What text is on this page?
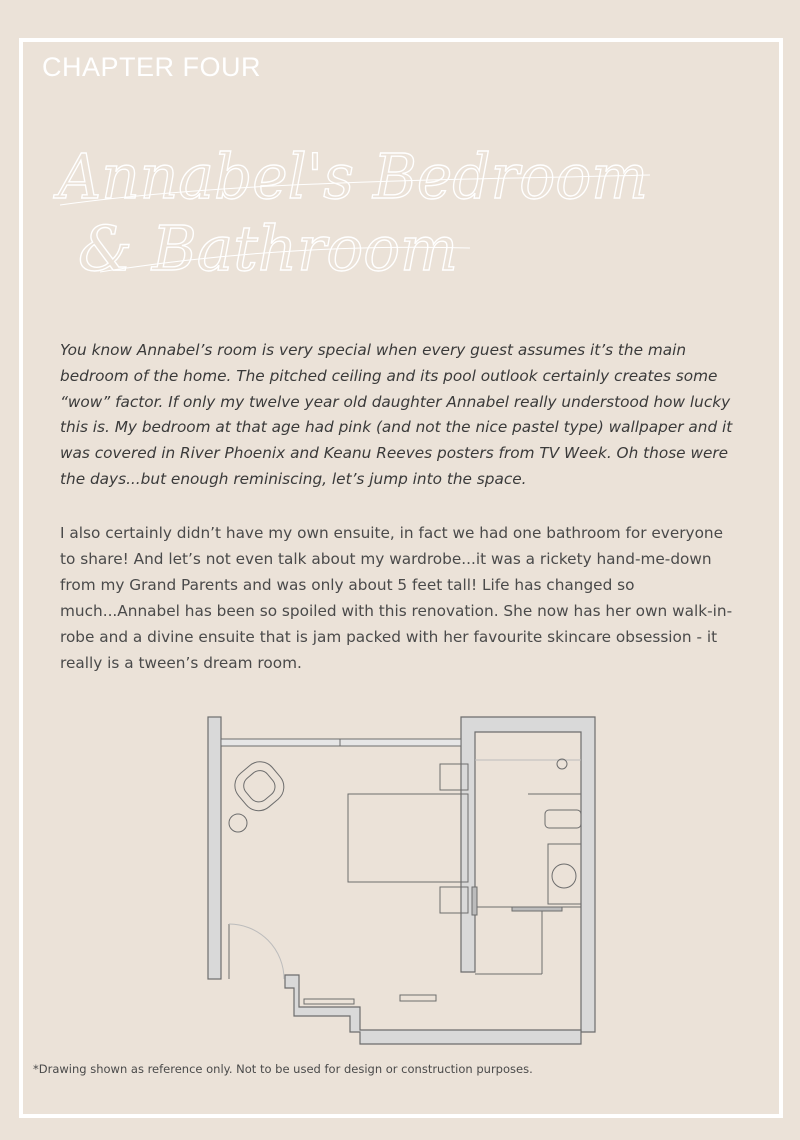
CHAPTER FOUR
Annabel's Bedroom
& Bathroom

You know Annabel’s room is very special when every guest assumes it’s the main bedroom of the home. The pitched ceiling and its pool outlook certainly creates some “wow” factor. If only my twelve year old daughter Annabel really understood how lucky this is. My bedroom at that age had pink (and not the nice pastel type) wallpaper and it was covered in River Phoenix and Keanu Reeves posters from TV Week. Oh those were the days...but enough reminiscing, let’s jump into the space.

I also certainly didn’t have my own ensuite, in fact we had one bathroom for everyone to share! And let’s not even talk about my wardrobe...it was a rickety hand-me-down from my Grand Parents and was only about 5 feet tall! Life has changed so much...Annabel has been so spoiled with this renovation. She now has her own walk-in-robe and a divine ensuite that is jam packed with her favourite skincare obsession - it really is a tween’s dream room.

*Drawing shown as reference only. Not to be used for design or construction purposes.
